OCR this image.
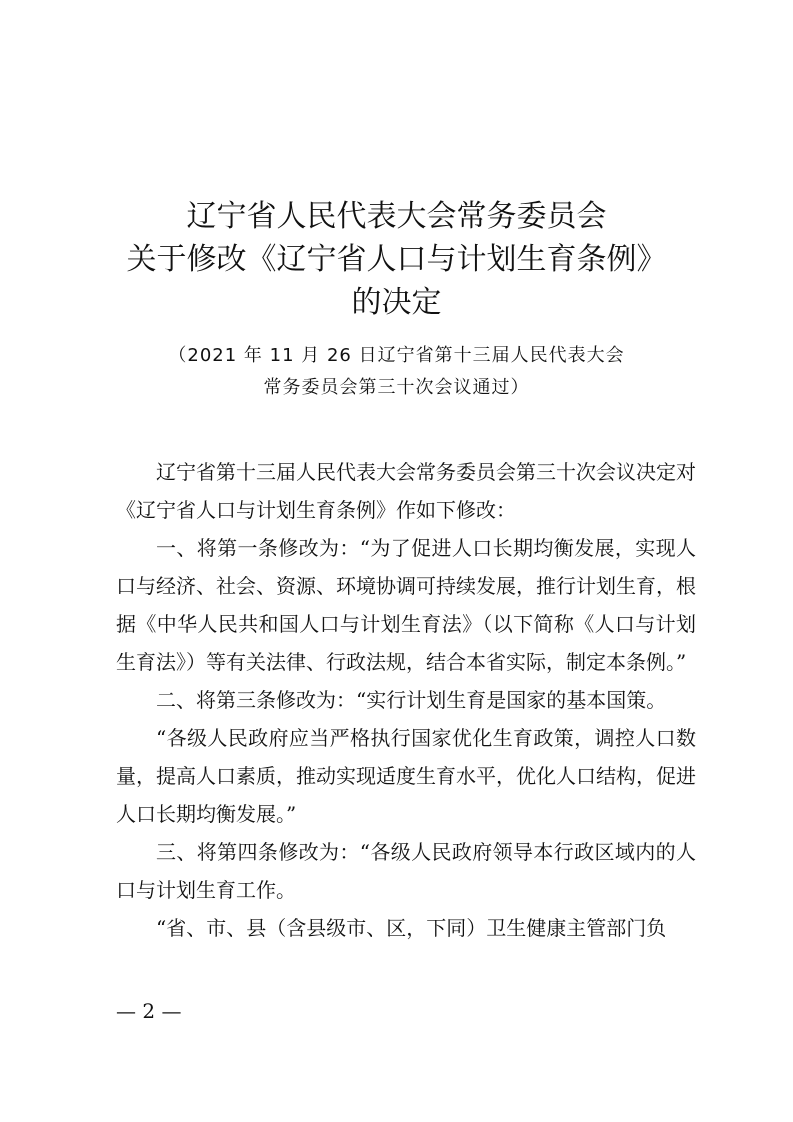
辽宁省人民代表大会常务委员会
关于修改《辽宁省人口与计划生育条例》
的决定
（2021 年 11 月 26 日辽宁省第十三届人民代表大会
常务委员会第三十次会议通过）

辽宁省第十三届人民代表大会常务委员会第三十次会议决定对《辽宁省人口与计划生育条例》作如下修改：

一、将第一条修改为：“为了促进人口长期均衡发展，实现人口与经济、社会、资源、环境协调可持续发展，推行计划生育，根据《中华人民共和国人口与计划生育法》（以下简称《人口与计划生育法》）等有关法律、行政法规，结合本省实际，制定本条例。”

二、将第三条修改为：“实行计划生育是国家的基本国策。

“各级人民政府应当严格执行国家优化生育政策，调控人口数量，提高人口素质，推动实现适度生育水平，优化人口结构，促进人口长期均衡发展。”

三、将第四条修改为：“各级人民政府领导本行政区域内的人口与计划生育工作。

“省、市、县（含县级市、区，下同）卫生健康主管部门负

— 2 —
